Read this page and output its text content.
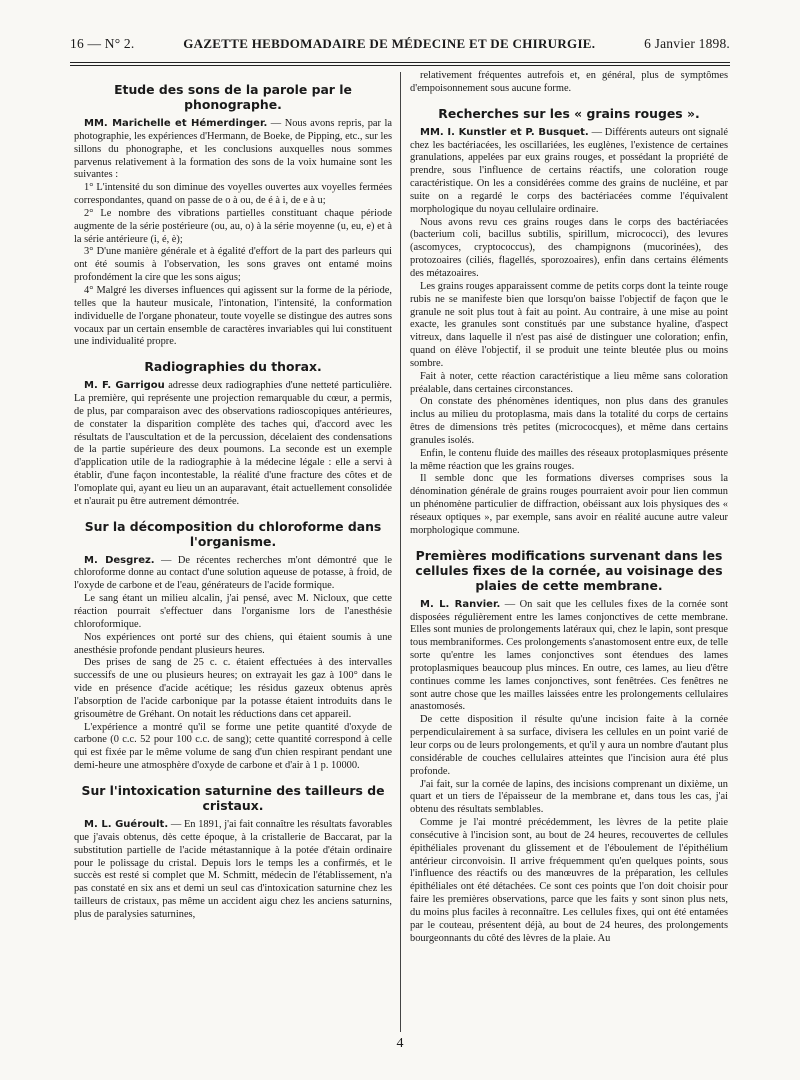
16 — N° 2.	GAZETTE HEBDOMADAIRE DE MÉDECINE ET DE CHIRURGIE.	6 Janvier 1898.
Etude des sons de la parole par le phonographe.

MM. Marichelle et Hémerdinger. — Nous avons repris, par la photographie, les expériences d'Hermann, de Boeke, de Pipping, etc., sur les sillons du phonographe, et les conclusions auxquelles nous sommes parvenus relativement à la formation des sons de la voix humaine sont les suivantes :

1° L'intensité du son diminue des voyelles ouvertes aux voyelles fermées correspondantes, quand on passe de o à ou, de é à i, de e à u;

2° Le nombre des vibrations partielles constituant chaque période augmente de la série postérieure (ou, au, o) à la série moyenne (u, eu, e) et à la série antérieure (i, é, è);

3° D'une manière générale et à égalité d'effort de la part des parleurs qui ont été soumis à l'observation, les sons graves ont entamé moins profondément la cire que les sons aigus;

4° Malgré les diverses influences qui agissent sur la forme de la période, telles que la hauteur musicale, l'intonation, l'intensité, la conformation individuelle de l'organe phonateur, toute voyelle se distingue des autres sons vocaux par un certain ensemble de caractères invariables qui lui constituent une individualité propre.

Radiographies du thorax.

M. F. Garrigou adresse deux radiographies d'une netteté particulière. La première, qui représente une projection remarquable du cœur, a permis, de plus, par comparaison avec des observations radioscopiques antérieures, de constater la disparition complète des taches qui, d'accord avec les résultats de l'auscultation et de la percussion, décelaient des condensations de la partie supérieure des deux poumons. La seconde est un exemple d'application utile de la radiographie à la médecine légale : elle a servi à établir, d'une façon incontestable, la réalité d'une fracture des côtes et de l'omoplate qui, ayant eu lieu un an auparavant, était actuellement consolidée et n'aurait pu être autrement démontrée.

Sur la décomposition du chloroforme dans l'organisme.

M. Desgrez. — De récentes recherches m'ont démontré que le chloroforme donne au contact d'une solution aqueuse de potasse, à froid, de l'oxyde de carbone et de l'eau, générateurs de l'acide formique.

Le sang étant un milieu alcalin, j'ai pensé, avec M. Nicloux, que cette réaction pourrait s'effectuer dans l'organisme lors de l'anesthésie chloroformique.

Nos expériences ont porté sur des chiens, qui étaient soumis à une anesthésie profonde pendant plusieurs heures.

Des prises de sang de 25 c. c. étaient effectuées à des intervalles successifs de une ou plusieurs heures; on extrayait les gaz à 100° dans le vide en présence d'acide acétique; les résidus gazeux obtenus après l'absorption de l'acide carbonique par la potasse étaient introduits dans le grisoumètre de Gréhant. On notait les réductions dans cet appareil.

L'expérience a montré qu'il se forme une petite quantité d'oxyde de carbone (0 c.c. 52 pour 100 c.c. de sang); cette quantité correspond à celle qui est fixée par le même volume de sang d'un chien respirant pendant une demi-heure une atmosphère d'oxyde de carbone et d'air à 1 p. 10000.

Sur l'intoxication saturnine des tailleurs de cristaux.

M. L. Guéroult. — En 1891, j'ai fait connaître les résultats favorables que j'avais obtenus, dès cette époque, à la cristallerie de Baccarat, par la substitution partielle de l'acide métastannique à la potée d'étain ordinaire pour le polissage du cristal. Depuis lors le temps les a confirmés, et le succès est resté si complet que M. Schmitt, médecin de l'établissement, n'a pas constaté en six ans et demi un seul cas d'intoxication saturnine chez les tailleurs de cristaux, pas même un accident aigu chez les anciens saturnins, plus de paralysies saturnines,

relativement fréquentes autrefois et, en général, plus de symptômes d'empoisonnement sous aucune forme.

Recherches sur les « grains rouges ».

MM. I. Kunstler et P. Busquet. — Différents auteurs ont signalé chez les bactériacées, les oscillariées, les euglènes, l'existence de certaines granulations, appelées par eux grains rouges, et possédant la propriété de prendre, sous l'influence de certains réactifs, une coloration rouge caractéristique. On les a considérées comme des grains de nucléine, et par suite on a regardé le corps des bactériacées comme l'équivalent morphologique du noyau cellulaire ordinaire.

Nous avons revu ces grains rouges dans le corps des bactériacées (bacterium coli, bacillus subtilis, spirillum, micrococci), des levures (ascomyces, cryptococcus), des champignons (mucorinées), des protozoaires (ciliés, flagellés, sporozoaires), enfin dans certains éléments des métazoaires.

Les grains rouges apparaissent comme de petits corps dont la teinte rouge rubis ne se manifeste bien que lorsqu'on baisse l'objectif de façon que le granule ne soit plus tout à fait au point. Au contraire, à une mise au point exacte, les granules sont constitués par une substance hyaline, d'aspect vitreux, dans laquelle il n'est pas aisé de distinguer une coloration; enfin, quand on élève l'objectif, il se produit une teinte bleutée plus ou moins sombre.

Fait à noter, cette réaction caractéristique a lieu même sans coloration préalable, dans certaines circonstances.

On constate des phénomènes identiques, non plus dans des granules inclus au milieu du protoplasma, mais dans la totalité du corps de certains êtres de dimensions très petites (micrococques), et même dans certains granules isolés.

Enfin, le contenu fluide des mailles des réseaux protoplasmiques présente la même réaction que les grains rouges.

Il semble donc que les formations diverses comprises sous la dénomination générale de grains rouges pourraient avoir pour lien commun un phénomène particulier de diffraction, obéissant aux lois physiques des « réseaux optiques », par exemple, sans avoir en réalité aucune autre valeur morphologique commune.

Premières modifications survenant dans les cellules fixes de la cornée, au voisinage des plaies de cette membrane.

M. L. Ranvier. — On sait que les cellules fixes de la cornée sont disposées régulièrement entre les lames conjonctives de cette membrane. Elles sont munies de prolongements latéraux qui, chez le lapin, sont presque tous membraniformes. Ces prolongements s'anastomosent entre eux, de telle sorte qu'entre les lames conjonctives sont étendues des lames protoplasmiques beaucoup plus minces. En outre, ces lames, au lieu d'être continues comme les lames conjonctives, sont fenêtrées. Ces fenêtres ne sont autre chose que les mailles laissées entre les prolongements cellulaires anastomosés.

De cette disposition il résulte qu'une incision faite à la cornée perpendiculairement à sa surface, divisera les cellules en un point varié de leur corps ou de leurs prolongements, et qu'il y aura un nombre d'autant plus considérable de couches cellulaires atteintes que l'incision aura été plus profonde.

J'ai fait, sur la cornée de lapins, des incisions comprenant un dixième, un quart et un tiers de l'épaisseur de la membrane et, dans tous les cas, j'ai obtenu des résultats semblables.

Comme je l'ai montré précédemment, les lèvres de la petite plaie consécutive à l'incision sont, au bout de 24 heures, recouvertes de cellules épithéliales provenant du glissement et de l'éboulement de l'épithélium antérieur circonvoisin. Il arrive fréquemment qu'en quelques points, sous l'influence des réactifs ou des manœuvres de la préparation, les cellules épithéliales ont été détachées. Ce sont ces points que l'on doit choisir pour faire les premières observations, parce que les faits y sont sinon plus nets, du moins plus faciles à reconnaître. Les cellules fixes, qui ont été entamées par le couteau, présentent déjà, au bout de 24 heures, des prolongements bourgeonnants du côté des lèvres de la plaie. Au

4
